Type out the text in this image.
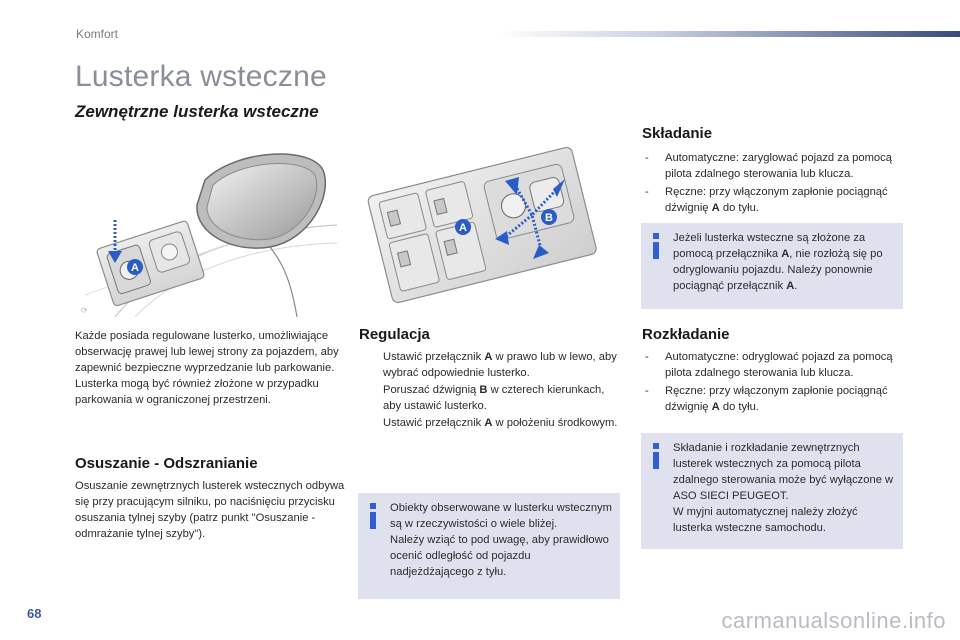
Komfort
Lusterka wsteczne
Zewnętrzne lusterka wsteczne
A
⟳
A
B
Każde posiada regulowane lusterko, umożliwiające obserwację prawej lub lewej strony za pojazdem, aby zapewnić bezpieczne wyprzedzanie lub parkowanie. Lusterka mogą być również złożone w przypadku parkowania w ograniczonej przestrzeni.
Osuszanie - Odszranianie
Osuszanie zewnętrznych lusterek wstecznych odbywa się przy pracującym silniku, po naciśnięciu przycisku osuszania tylnej szyby (patrz punkt "Osuszanie - odmrażanie tylnej szyby").
Regulacja
Ustawić przełącznik A w prawo lub w lewo, aby wybrać odpowiednie lusterko.
Poruszać dźwignią B w czterech kierunkach, aby ustawić lusterko.
Ustawić przełącznik A w położeniu środkowym.
Obiekty obserwowane w lusterku wstecznym są w rzeczywistości o wiele bliżej.
Należy wziąć to pod uwagę, aby prawidłowo ocenić odległość od pojazdu nadjeżdżającego z tyłu.
Składanie
- Automatyczne: zaryglować pojazd za pomocą pilota zdalnego sterowania lub klucza.
- Ręczne: przy włączonym zapłonie pociągnąć dźwignię A do tyłu.
Jeżeli lusterka wsteczne są złożone za pomocą przełącznika A, nie rozłożą się po odryglowaniu pojazdu. Należy ponownie pociągnąć przełącznik A.
Rozkładanie
- Automatyczne: odryglować pojazd za pomocą pilota zdalnego sterowania lub klucza.
- Ręczne: przy włączonym zapłonie pociągnąć dźwignię A do tyłu.
Składanie i rozkładanie zewnętrznych lusterek wstecznych za pomocą pilota zdalnego sterowania może być wyłączone w ASO SIECI PEUGEOT.
W myjni automatycznej należy złożyć lusterka wsteczne samochodu.
68	carmanualsonline.info
